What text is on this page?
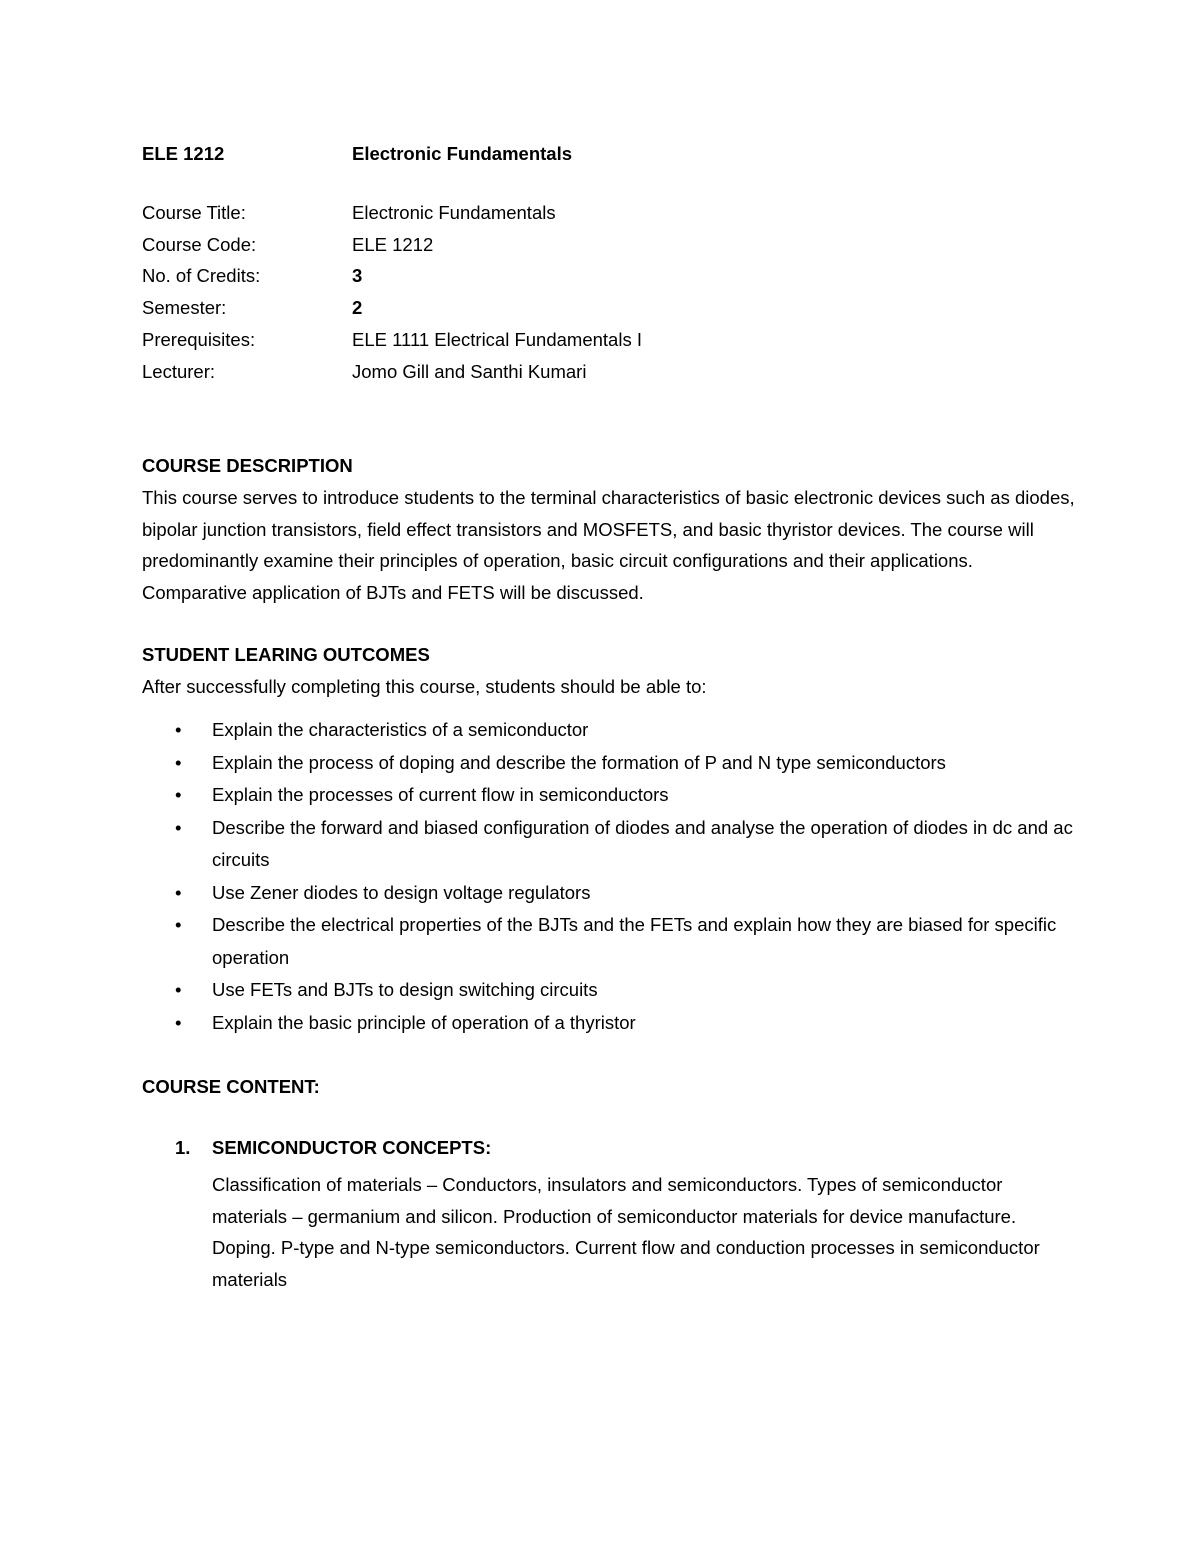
ELE 1212	Electronic Fundamentals
Course Title:	Electronic Fundamentals
Course Code:	ELE 1212
No. of Credits:	3
Semester:	2
Prerequisites:	ELE 1111 Electrical Fundamentals I
Lecturer:	Jomo Gill and Santhi Kumari
COURSE DESCRIPTION
This course serves to introduce students to the terminal characteristics of basic electronic devices such as diodes, bipolar junction transistors, field effect transistors and MOSFETS, and basic thyristor devices. The course will predominantly examine their principles of operation, basic circuit configurations and their applications. Comparative application of BJTs and FETS will be discussed.
STUDENT LEARING OUTCOMES
After successfully completing this course, students should be able to:
• Explain the characteristics of a semiconductor
• Explain the process of doping and describe the formation of P and N type semiconductors
• Explain the processes of current flow in semiconductors
• Describe the forward and biased configuration of diodes and analyse the operation of diodes in dc and ac circuits
• Use Zener diodes to design voltage regulators
• Describe the electrical properties of the BJTs and the FETs and explain how they are biased for specific operation
• Use FETs and BJTs to design switching circuits
• Explain the basic principle of operation of a thyristor
COURSE CONTENT:
1. SEMICONDUCTOR CONCEPTS:
Classification of materials – Conductors, insulators and semiconductors. Types of semiconductor materials – germanium and silicon. Production of semiconductor materials for device manufacture. Doping. P-type and N-type semiconductors. Current flow and conduction processes in semiconductor materials
